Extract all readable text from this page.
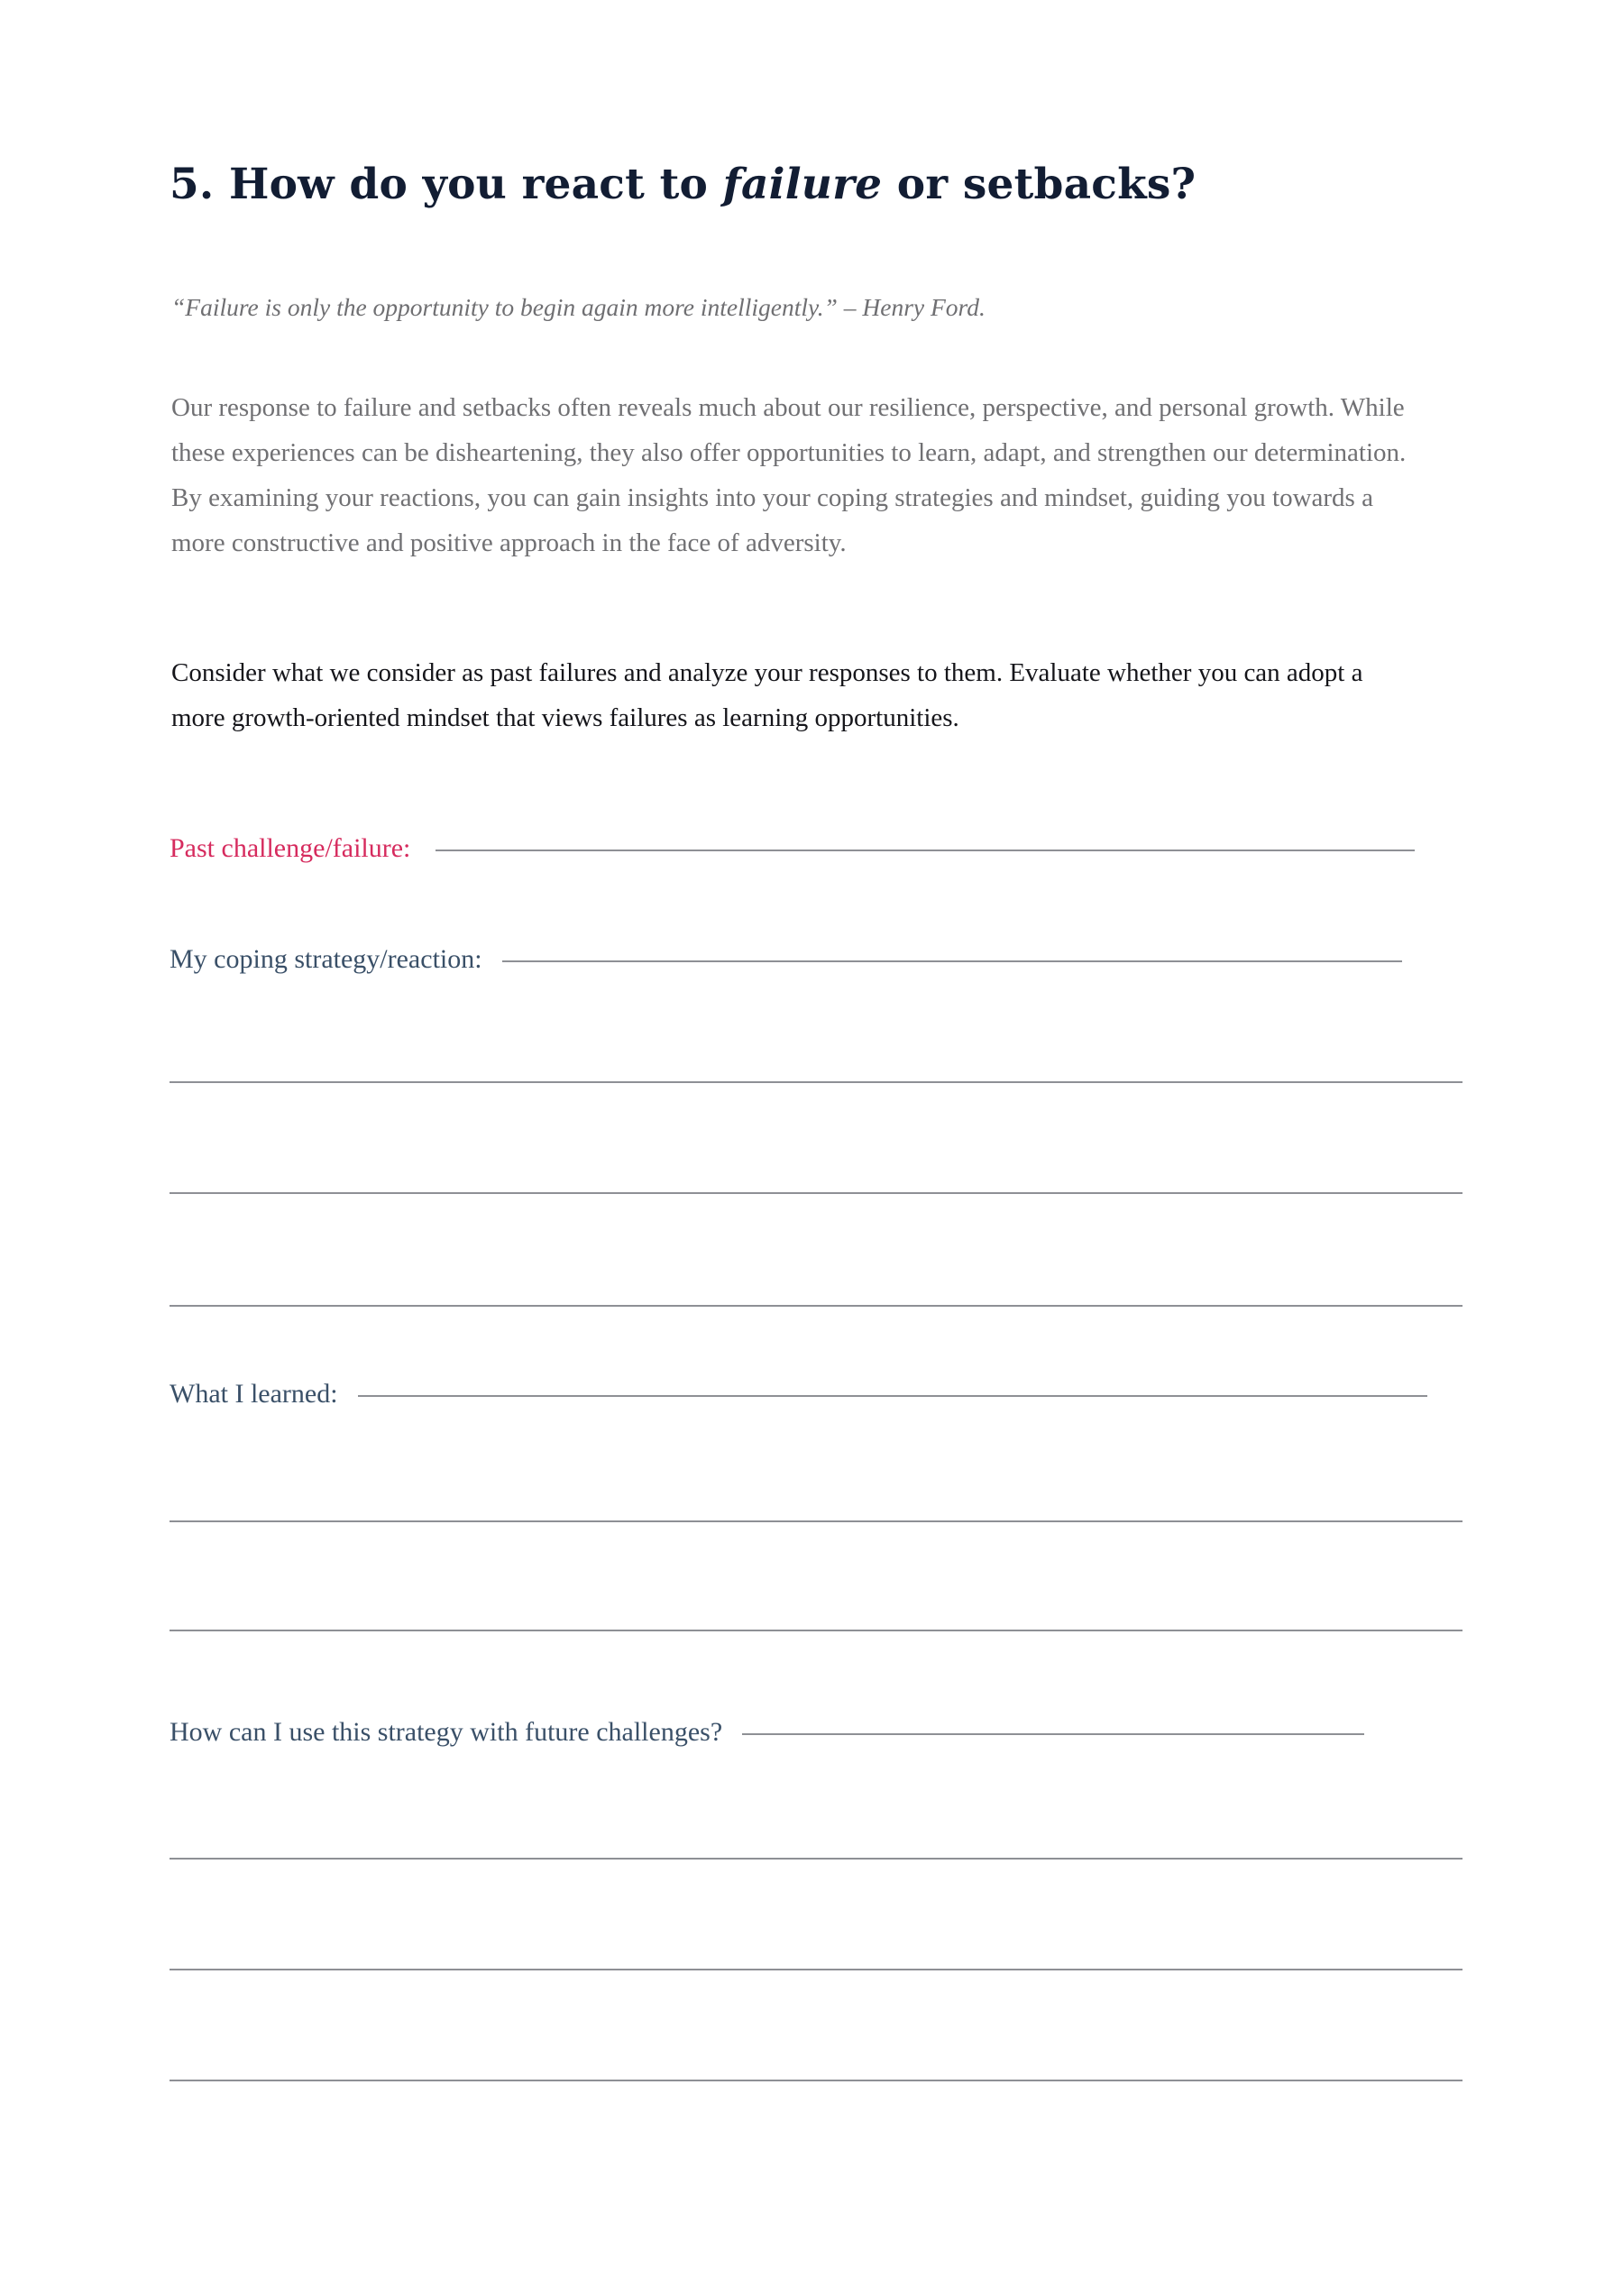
5. How do you react to failure or setbacks?

“Failure is only the opportunity to begin again more intelligently.” – Henry Ford.

Our response to failure and setbacks often reveals much about our resilience, perspective, and personal growth. While these experiences can be disheartening, they also offer opportunities to learn, adapt, and strengthen our determination. By examining your reactions, you can gain insights into your coping strategies and mindset, guiding you towards a more constructive and positive approach in the face of adversity.

Consider what we consider as past failures and analyze your responses to them. Evaluate whether you can adopt a more growth-oriented mindset that views failures as learning opportunities.

Past challenge/failure:
My coping strategy/reaction:
What I learned:
How can I use this strategy with future challenges?
